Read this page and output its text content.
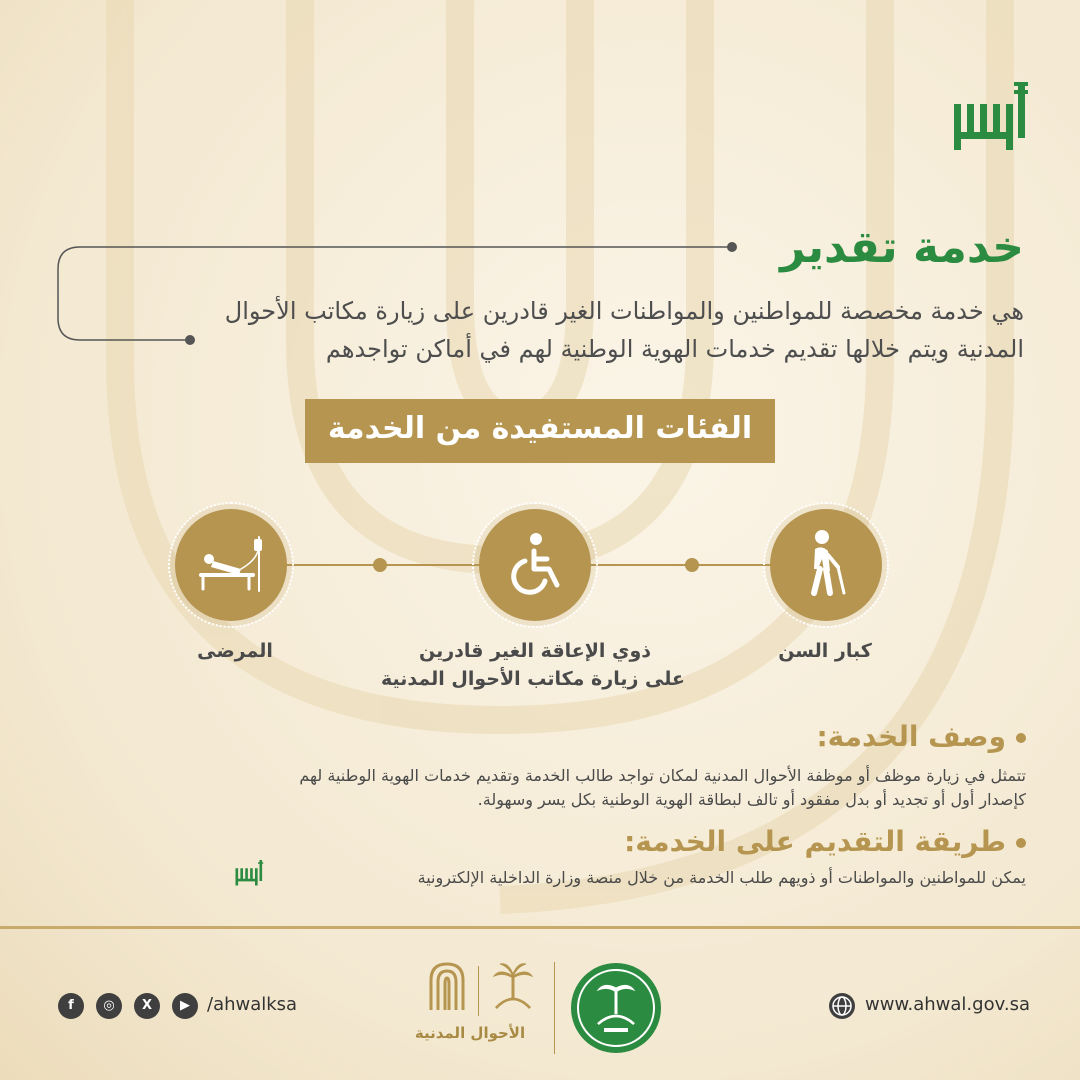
خدمة تقدير
هي خدمة مخصصة للمواطنين والمواطنات الغير قادرين على زيارة مكاتب الأحوال
المدنية ويتم خلالها تقديم خدمات الهوية الوطنية لهم في أماكن تواجدهم
الفئات المستفيدة من الخدمة
كبار السن
ذوي الإعاقة الغير قادرين
على زيارة مكاتب الأحوال المدنية
المرضى
وصف الخدمة:
تتمثل في زيارة موظف أو موظفة الأحوال المدنية لمكان تواجد طالب الخدمة وتقديم خدمات الهوية الوطنية لهم
كإصدار أول أو تجديد أو بدل مفقود أو تالف لبطاقة الهوية الوطنية بكل يسر وسهولة.
طريقة التقديم على الخدمة:
يمكن للمواطنين والمواطنات أو ذويهم طلب الخدمة من خلال منصة وزارة الداخلية الإلكترونية
f	◎	X	▶ /ahwalksa
الأحوال المدنية
www.ahwal.gov.sa
